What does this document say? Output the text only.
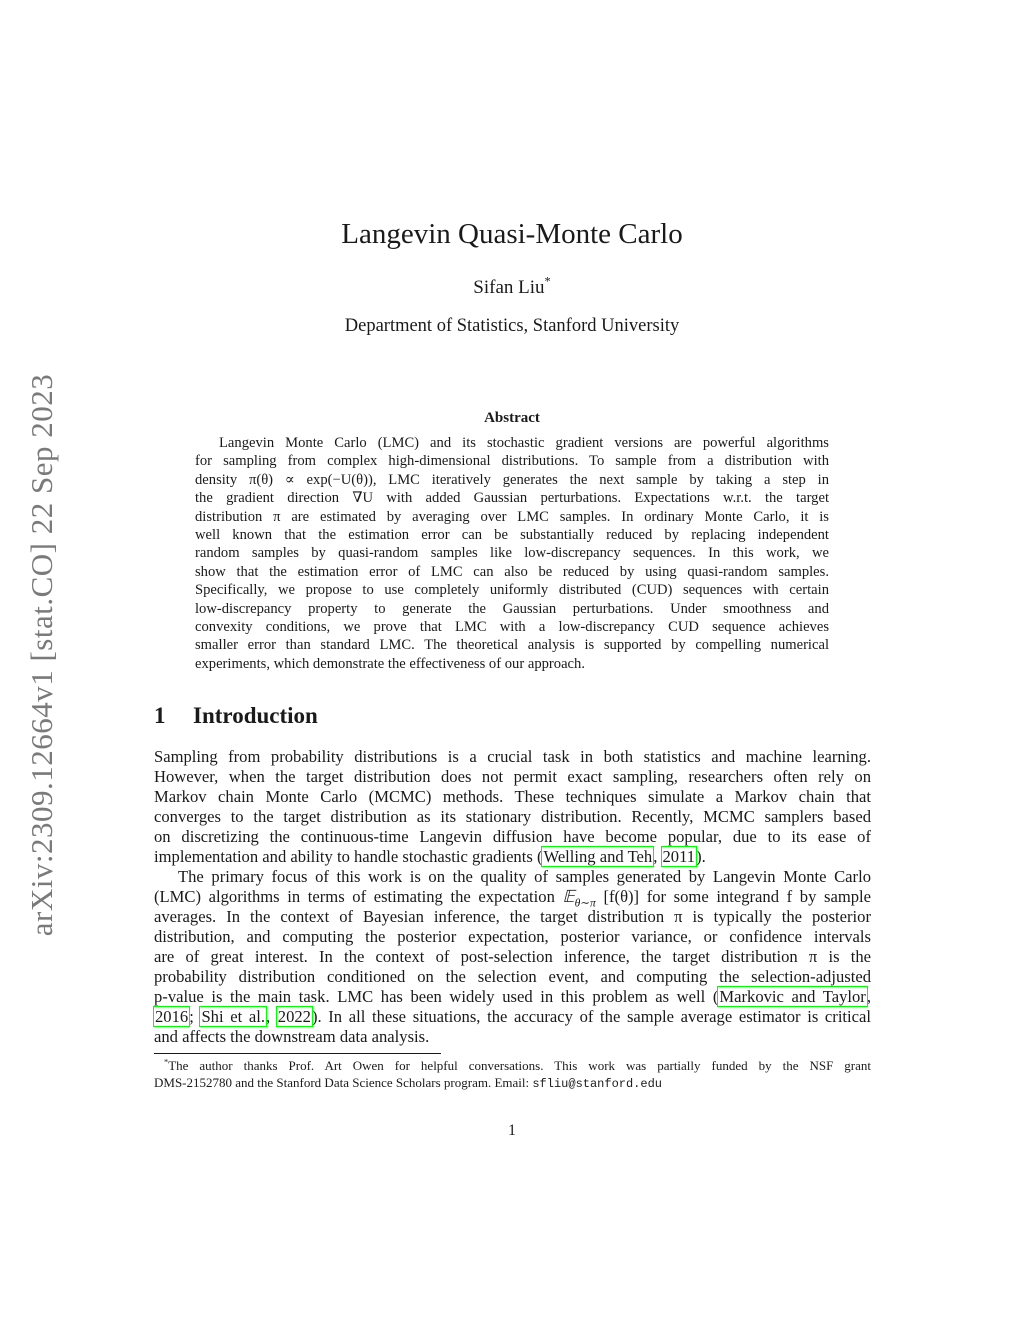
arXiv:2309.12664v1 [stat.CO] 22 Sep 2023
Langevin Quasi-Monte Carlo
Sifan Liu*
Department of Statistics, Stanford University
Abstract
Langevin Monte Carlo (LMC) and its stochastic gradient versions are powerful algorithms
for sampling from complex high-dimensional distributions. To sample from a distribution with
density π(θ) ∝ exp(−U(θ)), LMC iteratively generates the next sample by taking a step in
the gradient direction ∇U with added Gaussian perturbations. Expectations w.r.t. the target
distribution π are estimated by averaging over LMC samples. In ordinary Monte Carlo, it is
well known that the estimation error can be substantially reduced by replacing independent
random samples by quasi-random samples like low-discrepancy sequences. In this work, we
show that the estimation error of LMC can also be reduced by using quasi-random samples.
Specifically, we propose to use completely uniformly distributed (CUD) sequences with certain
low-discrepancy property to generate the Gaussian perturbations. Under smoothness and
convexity conditions, we prove that LMC with a low-discrepancy CUD sequence achieves
smaller error than standard LMC. The theoretical analysis is supported by compelling numerical
experiments, which demonstrate the effectiveness of our approach.
1 Introduction
Sampling from probability distributions is a crucial task in both statistics and machine learning.
However, when the target distribution does not permit exact sampling, researchers often rely on
Markov chain Monte Carlo (MCMC) methods. These techniques simulate a Markov chain that
converges to the target distribution as its stationary distribution. Recently, MCMC samplers based
on discretizing the continuous-time Langevin diffusion have become popular, due to its ease of
implementation and ability to handle stochastic gradients (Welling and Teh, 2011).
The primary focus of this work is on the quality of samples generated by Langevin Monte Carlo
(LMC) algorithms in terms of estimating the expectation 𝔼$_{\theta\sim\pi}$ [f(θ)] for some integrand f by sample
averages. In the context of Bayesian inference, the target distribution π is typically the posterior
distribution, and computing the posterior expectation, posterior variance, or confidence intervals
are of great interest. In the context of post-selection inference, the target distribution π is the
probability distribution conditioned on the selection event, and computing the selection-adjusted
p-value is the main task. LMC has been widely used in this problem as well (Markovic and Taylor,
2016; Shi et al., 2022). In all these situations, the accuracy of the sample average estimator is critical
and affects the downstream data analysis.
*The author thanks Prof. Art Owen for helpful conversations. This work was partially funded by the NSF grant
DMS-2152780 and the Stanford Data Science Scholars program. Email: sfliu@stanford.edu
1
